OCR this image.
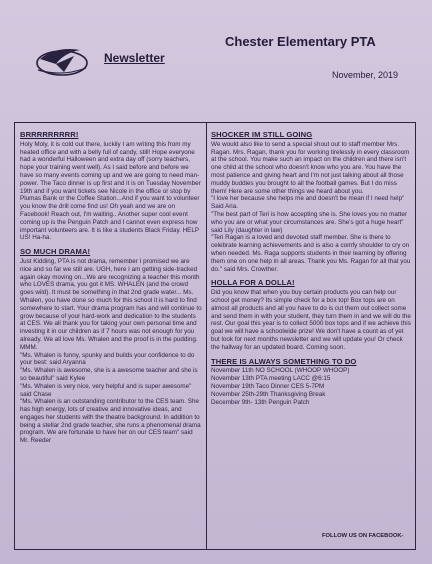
Newsletter
Chester Elementary PTA
November, 2019
BRRRRRRRRR!

Holy Moly, it is cold out there, luckily I am writing this from my heated office and with a belly full of candy, still! Hope everyone had a wonderful Halloween and extra day off (sorry teachers, hope your training went well). As I said before and before we have so many events coming up and we are going to need man-power. The Taco dinner is up first and it is on Tuesday November 19th and if you want tickets see Nicole in the office or stop by Plumas Bank or the Coffee Station...And if you want to volunteer you know the drill come find us! Oh yeah and we are on Facebook! Reach out, I'm waiting.. Another super cool event coming up is the Penguin Patch and I cannot even express how important volunteers are. It is like a students Black Friday. HELP US! Ha-ha.

SO MUCH DRAMA!

Just Kidding, PTA is not drama, remember I promised we are nice and so far we still are. UGH, here I am getting side-tracked again okay moving on...We are recognizing a teacher this month who LOVES drama, you got it MS. WHALEN (and the crowd goes wild). It must be something in that 2nd grade water... Ms. Whalen, you have done so much for this school it is hard to find somewhere to start. Your drama program has and will continue to grow because of your hard-work and dedication to the students at CES. We all thank you for taking your own personal time and investing it in our children as if 7 hours was not enough for you already. We all love Ms. Whalen and the proof is in the pudding. MMM.

"Ms. Whalen is funny, spunky and builds your confidence to do your best: said Aryanna

"Ms. Whalen is awesome, she is a awesome teacher and she is so beautiful" said Kylee

"Ms. Whalen is very nice, very helpful and is super awesome" said Chase

"Ms. Whalen is an outstanding contributor to the CES team. She has high energy, lots of creative and innovative ideas, and engages her students with the theatre background. In addition to being a stellar 2nd grade teacher, she runs a phenomenal drama program. We are fortunate to have her on our CES team" said Mr. Reeder

SHOCKER IM STILL GOING

We would also like to send a special shout out to staff member Mrs. Ragan. Mrs. Ragan, thank you for working tirelessly in every classroom at the school. You make such an impact on the children and there isn't one child at the school who doesn't know who you are. You have the most patience and giving heart and I'm not just talking about all those muddy buddies you brought to all the football games. But I do miss them! Here are some other things we heard about you.

"I love her because she helps me and doesn't be mean if I need help" Said Aria.

"The best part of Teri is how accepting she is. She loves you no matter who you are or what your circumstances are. She's got a huge heart" said Lily (daughter in law)

"Teri Ragan is a loved and devoted staff member. She is there to celebrate learning achievements and is also a comfy shoulder to cry on when needed. Ms. Raga supports students in their learning by offering them one on one help in all areas. Thank you Ms. Ragan for all that you do." said Mrs. Crowther.

HOLLA FOR A DOLLA!

Did you know that when you buy certain products you can help our school get money? Its simple check for a box top! Box tops are on almost all products and all you have to do is cut them out collect some and send them in with your student, they turn them in and we will do the rest. Our goal this year is to collect 5000 box tops and if we achieve this goal we will have a schoolwide prize! We don't have a count as of yet but look for next months newsletter and we will update you! Or check the hallway for an updated board. Coming soon.

THERE IS ALWAYS SOMETHING TO DO
November 11th NO SCHOOL (WHOOP WHOOP)
November 13th PTA meeting LACC @6:15
November 19th Taco Dinner CES 5-7PM
November 25th-29th Thanksgiving Break
December 9th- 13th Penguin Patch
FOLLOW US ON FACEBOOK-
